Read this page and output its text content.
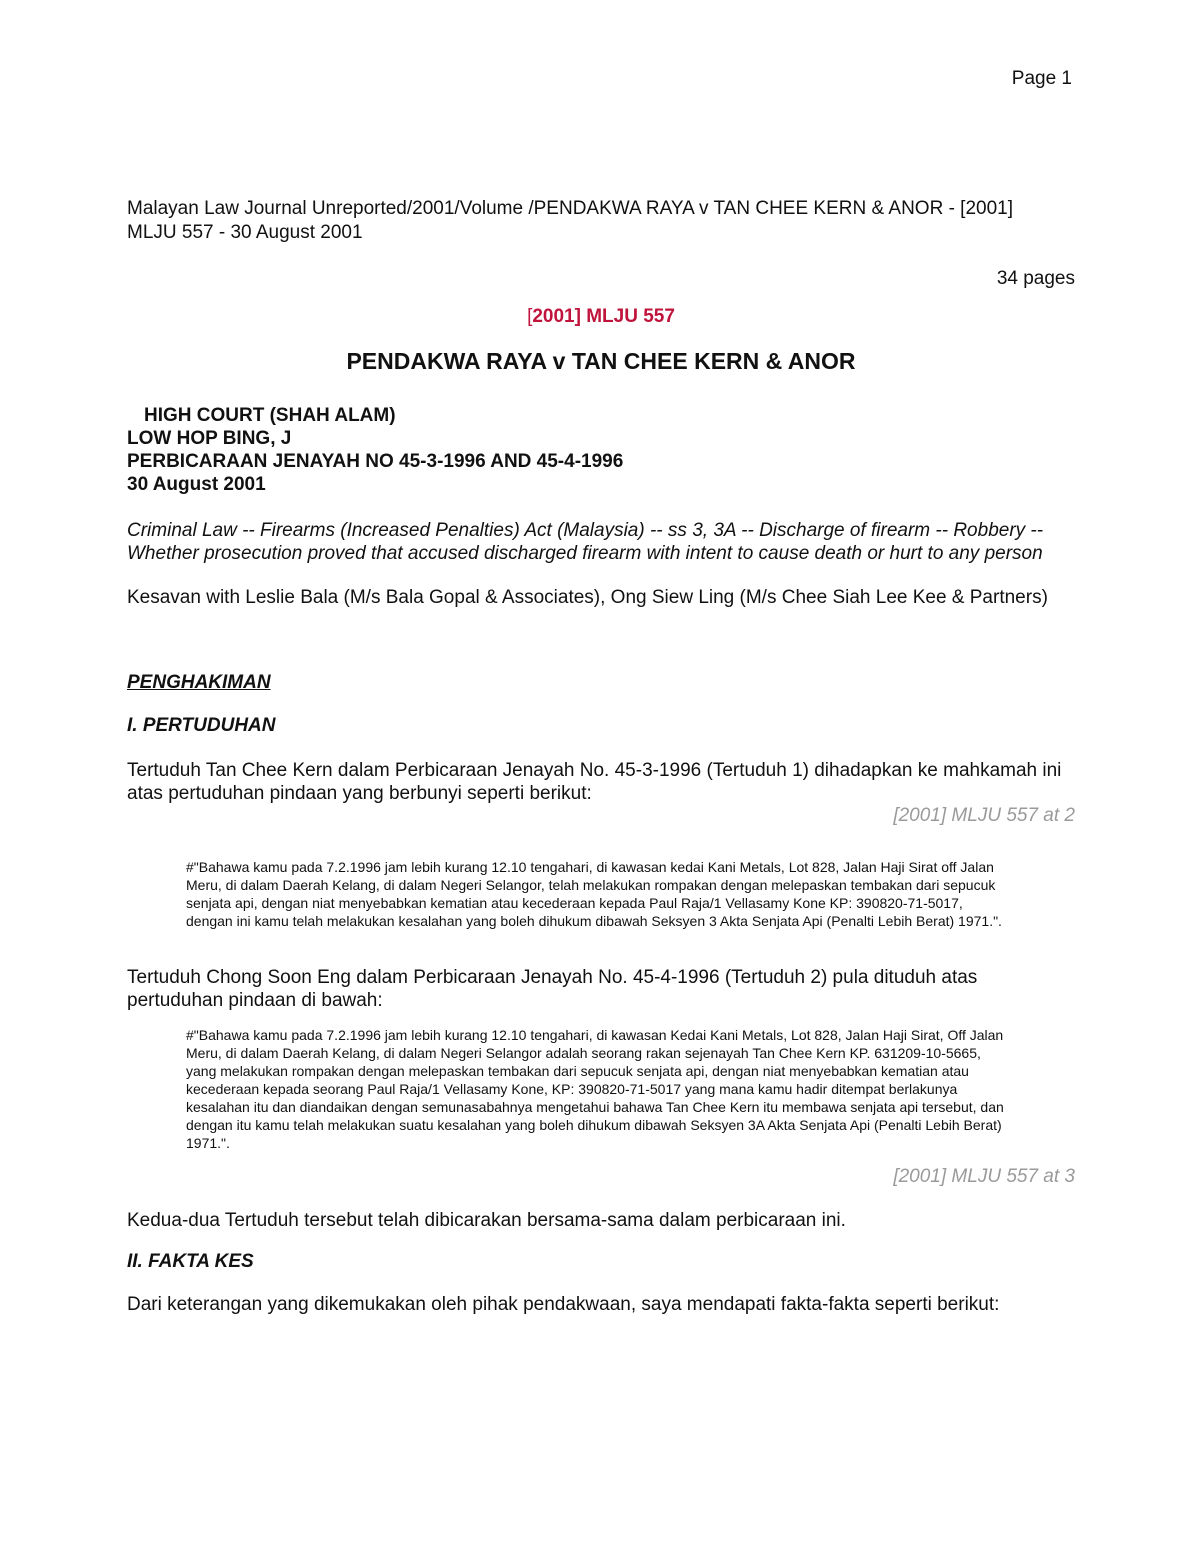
Page 1

Malayan Law Journal Unreported/2001/Volume /PENDAKWA RAYA v TAN CHEE KERN & ANOR - [2001]

MLJU 557 - 30 August 2001

34 pages
[2001] MLJU 557
PENDAKWA RAYA v TAN CHEE KERN & ANOR
HIGH COURT (SHAH ALAM)
LOW HOP BING, J
PERBICARAAN JENAYAH NO 45-3-1996 AND 45-4-1996
30 August 2001
Criminal Law -- Firearms (Increased Penalties) Act (Malaysia) -- ss 3, 3A -- Discharge of firearm -- Robbery -- Whether prosecution proved that accused discharged firearm with intent to cause death or hurt to any person
Kesavan with Leslie Bala (M/s Bala Gopal & Associates), Ong Siew Ling (M/s Chee Siah Lee Kee & Partners)

PENGHAKIMAN

I. PERTUDUHAN

Tertuduh Tan Chee Kern dalam Perbicaraan Jenayah No. 45-3-1996 (Tertuduh 1) dihadapkan ke mahkamah ini atas pertuduhan pindaan yang berbunyi seperti berikut:

[2001] MLJU 557 at 2

#"Bahawa kamu pada 7.2.1996 jam lebih kurang 12.10 tengahari, di kawasan kedai Kani Metals, Lot 828, Jalan Haji Sirat off Jalan Meru, di dalam Daerah Kelang, di dalam Negeri Selangor, telah melakukan rompakan dengan melepaskan tembakan dari sepucuk senjata api, dengan niat menyebabkan kematian atau kecederaan kepada Paul Raja/1 Vellasamy Kone KP: 390820-71-5017, dengan ini kamu telah melakukan kesalahan yang boleh dihukum dibawah Seksyen 3 Akta Senjata Api (Penalti Lebih Berat) 1971.".

Tertuduh Chong Soon Eng dalam Perbicaraan Jenayah No. 45-4-1996 (Tertuduh 2) pula dituduh atas pertuduhan pindaan di bawah:

#"Bahawa kamu pada 7.2.1996 jam lebih kurang 12.10 tengahari, di kawasan Kedai Kani Metals, Lot 828, Jalan Haji Sirat, Off Jalan Meru, di dalam Daerah Kelang, di dalam Negeri Selangor adalah seorang rakan sejenayah Tan Chee Kern KP. 631209-10-5665, yang melakukan rompakan dengan melepaskan tembakan dari sepucuk senjata api, dengan niat menyebabkan kematian atau kecederaan kepada seorang Paul Raja/1 Vellasamy Kone, KP: 390820-71-5017 yang mana kamu hadir ditempat berlakunya kesalahan itu dan diandaikan dengan semunasabahnya mengetahui bahawa Tan Chee Kern itu membawa senjata api tersebut, dan dengan itu kamu telah melakukan suatu kesalahan yang boleh dihukum dibawah Seksyen 3A Akta Senjata Api (Penalti Lebih Berat) 1971.".

[2001] MLJU 557 at 3

Kedua-dua Tertuduh tersebut telah dibicarakan bersama-sama dalam perbicaraan ini.

II. FAKTA KES

Dari keterangan yang dikemukakan oleh pihak pendakwaan, saya mendapati fakta-fakta seperti berikut:
